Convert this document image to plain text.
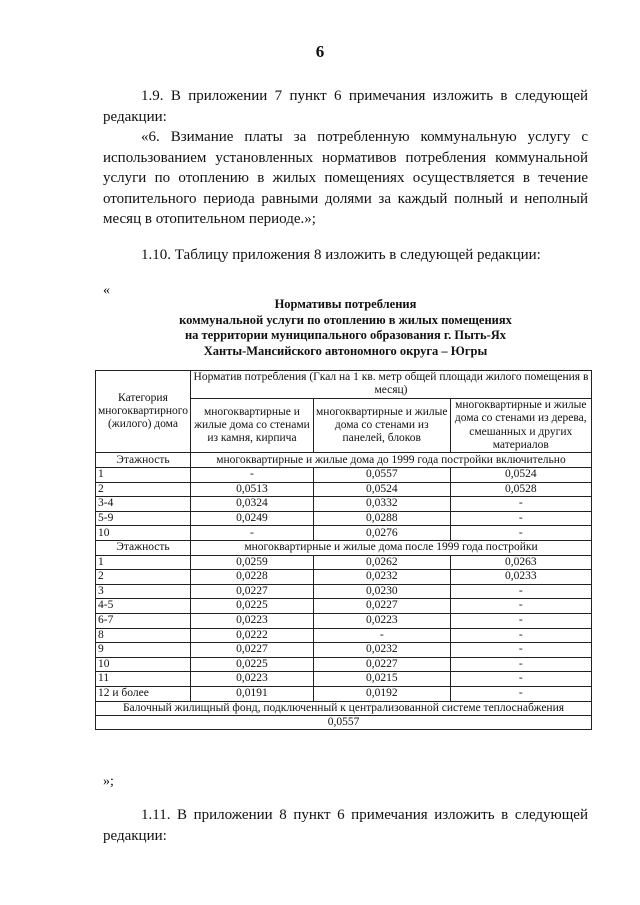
6

1.9. В приложении 7 пункт 6 примечания изложить в следующей редакции:

«6. Взимание платы за потребленную коммунальную услугу с использованием установленных нормативов потребления коммунальной услуги по отоплению в жилых помещениях осуществляется в течение отопительного периода равными долями за каждый полный и неполный месяц в отопительном периоде.»;

1.10. Таблицу приложения 8 изложить в следующей редакции:

«
Нормативы потребления
коммунальной услуги по отоплению в жилых помещениях
на территории муниципального образования г. Пыть-Ях
Ханты-Мансийского автономного округа – Югры
Категория многоквартирного (жилого) дома	Норматив потребления (Гкал на 1 кв. метр общей площади жилого помещения в месяц)		
	многоквартирные и жилые дома со стенами из камня, кирпича	многоквартирные и жилые дома со стенами из панелей, блоков	многоквартирные и жилые дома со стенами из дерева, смешанных и других материалов
Этажность	многоквартирные и жилые дома до 1999 года постройки включительно		
1	-	0,0557	0,0524
2	0,0513	0,0524	0,0528
3-4	0,0324	0,0332	-
5-9	0,0249	0,0288	-
10	-	0,0276	-
Этажность	многоквартирные и жилые дома после 1999 года постройки		
1	0,0259	0,0262	0,0263
2	0,0228	0,0232	0,0233
3	0,0227	0,0230	-
4-5	0,0225	0,0227	-
6-7	0,0223	0,0223	-
8	0,0222	-	-
9	0,0227	0,0232	-
10	0,0225	0,0227	-
11	0,0223	0,0215	-
12 и более	0,0191	0,0192	-
Балочный жилищный фонд, подключенный к централизованной системе теплоснабжения			
0,0557			
»;

1.11. В приложении 8 пункт 6 примечания изложить в следующей редакции:
